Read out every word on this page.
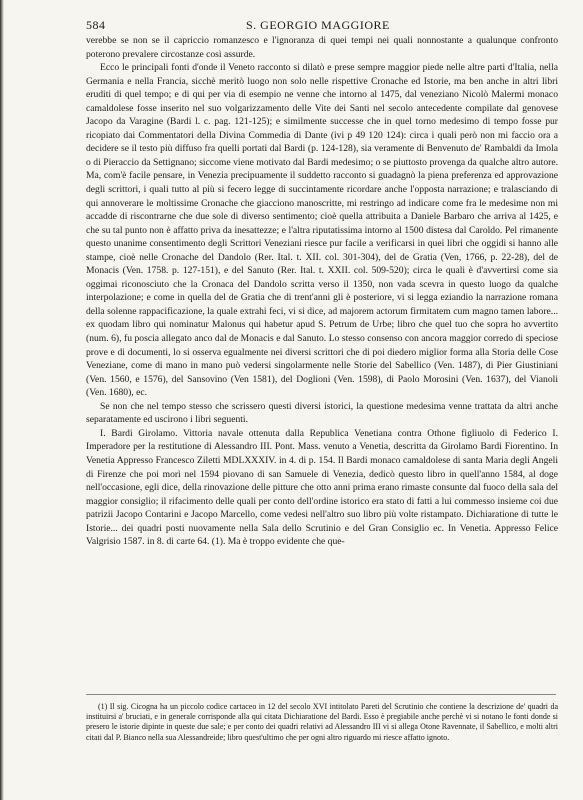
584	S. GEORGIO MAGGIORE

verebbe se non se il capriccio romanzesco e l'ignoranza di quei tempi nei quali nonnostante a qualunque confronto poterono prevalere circostanze così assurde.

Ecco le principali fonti d'onde il Veneto racconto si dilatò e prese sempre maggior piede nelle altre parti d'Italia, nella Germania e nella Francia, sicchè meritò luogo non solo nelle rispettive Cronache ed Istorie, ma ben anche in altri libri eruditi di quel tempo; e di qui per via di esempio ne venne che intorno al 1475, dal veneziano Nicolò Malermi monaco camaldolese fosse inserito nel suo volgarizzamento delle Vite dei Santi nel secolo antecedente compilate dal genovese Jacopo da Varagine (Bardi l. c. pag. 121-125); e similmente successe che in quel torno medesimo di tempo fosse pur ricopiato dai Commentatori della Divina Commedia di Dante (ivi p 49 120 124): circa i quali però non mi faccio ora a decidere se il testo più diffuso fra quelli portati dal Bardi (p. 124-128), sia veramente di Benvenuto de' Rambaldi da Imola o di Pieraccio da Settignano; siccome viene motivato dal Bardi medesimo; o se piuttosto provenga da qualche altro autore. Ma, com'è facile pensare, in Venezia precipuamente il suddetto racconto si guadagnò la piena preferenza ed approvazione degli scrittori, i quali tutto al più si fecero legge di succintamente ricordare anche l'opposta narrazione; e tralasciando di qui annoverare le moltissime Cronache che giacciono manoscritte, mi restringo ad indicare come fra le medesime non mi accadde di riscontrarne che due sole di diverso sentimento; cioè quella attribuita a Daniele Barbaro che arriva al 1425, e che su tal punto non è affatto priva da inesattezze; e l'altra riputatissima intorno al 1500 distesa dal Caroldo. Pel rimanente questo unanime consentimento degli Scrittori Veneziani riesce pur facile a verificarsi in quei libri che oggidì si hanno alle stampe, cioè nelle Cronache del Dandolo (Rer. Ital. t. XII. col. 301-304), del de Gratia (Ven, 1766, p. 22-28), del de Monacis (Ven. 1758. p. 127-151), e del Sanuto (Rer. Ital. t. XXII. col. 509-520); circa le quali è d'avvertirsi come sia oggimai riconosciuto che la Cronaca del Dandolo scritta verso il 1350, non vada scevra in questo luogo da qualche interpolazione; e come in quella del de Gratia che di trent'anni gli è posteriore, vi si legga eziandio la narrazione romana della solenne rappacificazione, la quale extrahi feci, vi si dice, ad majorem actorum firmitatem cum magno tamen labore... ex quodam libro qui nominatur Malonus qui habetur apud S. Petrum de Urbe; libro che quel tuo che sopra ho avvertito (num. 6), fu poscia allegato anco dal de Monacis e dal Sanuto. Lo stesso consenso con ancora maggior corredo di speciose prove e di documenti, lo si osserva egualmente nei diversi scrittori che di poi diedero miglior forma alla Storia delle Cose Veneziane, come di mano in mano può vedersi singolarmente nelle Storie del Sabellico (Ven. 1487), di Pier Giustiniani (Ven. 1560, e 1576), del Sansovino (Ven 1581), del Doglioni (Ven. 1598), di Paolo Morosini (Ven. 1637), del Vianoli (Ven. 1680), ec.

Se non che nel tempo stesso che scrissero questi diversi istorici, la questione medesima venne trattata da altri anche separatamente ed uscirono i libri seguenti.

I. Bardi Girolamo. Vittoria navale ottenuta dalla Republica Venetiana contra Othone figliuolo di Federico I. Imperadore per la restitutione di Alessandro III. Pont. Mass. venuto a Venetia, descritta da Girolamo Bardi Fiorentino. In Venetia Appresso Francesco Ziletti MDLXXXIV. in 4. di p. 154. Il Bardi monaco camaldolese di santa Maria degli Angeli di Firenze che poi morì nel 1594 piovano di san Samuele di Venezia, dedicò questo libro in quell'anno 1584, al doge nell'occasione, egli dice, della rinovazione delle pitture che otto anni prima erano rimaste consunte dal fuoco della sala del maggior consiglio; il rifacimento delle quali per conto dell'ordine istorico era stato di fatti a lui commesso insieme coi due patrizii Jacopo Contarini e Jacopo Marcello, come vedesi nell'altro suo libro più volte ristampato. Dichiaratione di tutte le Istorie... dei quadri posti nuovamente nella Sala dello Scrutinio e del Gran Consiglio ec. In Venetia. Appresso Felice Valgrisio 1587. in 8. di carte 64. (1). Ma è troppo evidente che que-

(1) Il sig. Cicogna ha un piccolo codice cartaceo in 12 del secolo XVI intitolato Pareti del Scrutinio che contiene la descrizione de' quadri da instituirsi a' bruciati, e in generale corrisponde alla qui citata Dichiaratione del Bardi. Esso è pregiabile anche perchè vi si notano le fonti donde si presero le istorie dipinte in queste due sale; e per conto dei quadri relativi ad Alessandro III vi si allega Otone Ravennate, il Sabellico, e molti altri citati dal P. Bianco nella sua Alessandreide; libro quest'ultimo che per ogni altro riguardo mi riesce affatto ignoto.
